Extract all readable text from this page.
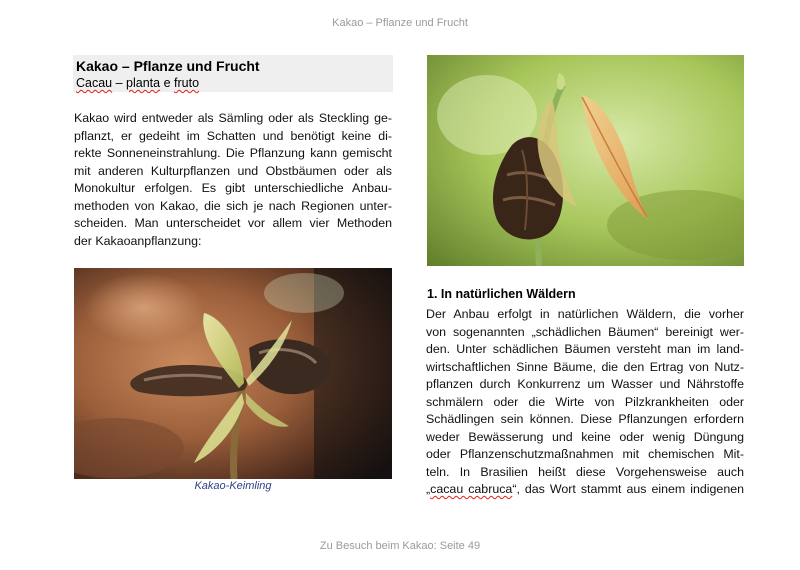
Kakao – Pflanze und Frucht
Kakao – Pflanze und Frucht
Cacau – planta e fruto
Kakao wird entweder als Sämling oder als Steckling ge-
pflanzt, er gedeiht im Schatten und benötigt keine di-
rekte Sonneneinstrahlung. Die Pflanzung kann gemischt
mit anderen Kulturpflanzen und Obstbäumen oder als
Monokultur erfolgen. Es gibt unterschiedliche Anbau-
methoden von Kakao, die sich je nach Regionen unter-
scheiden. Man unterscheidet vor allem vier Methoden
der Kakaoanpflanzung:
Kakao-Keimling
1. In natürlichen Wäldern
Der Anbau erfolgt in natürlichen Wäldern, die vorher
von sogenannten „schädlichen Bäumen“ bereinigt wer-
den. Unter schädlichen Bäumen versteht man im land-
wirtschaftlichen Sinne Bäume, die den Ertrag von Nutz-
pflanzen durch Konkurrenz um Wasser und Nährstoffe
schmälern oder die Wirte von Pilzkrankheiten oder
Schädlingen sein können. Diese Pflanzungen erfordern
weder Bewässerung und keine oder wenig Düngung
oder Pflanzenschutzmaßnahmen mit chemischen Mit-
teln. In Brasilien heißt diese Vorgehensweise auch
„cacau cabruca“, das Wort stammt aus einem indigenen
Zu Besuch beim Kakao: Seite 49
